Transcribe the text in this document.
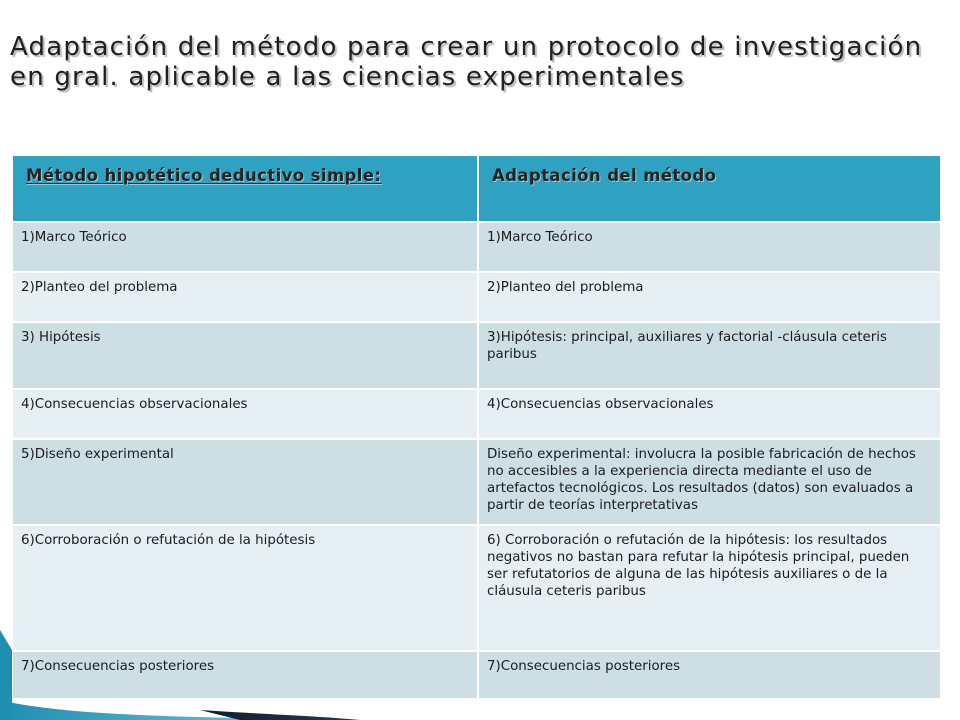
Adaptación del método para crear un protocolo de investigación en gral. aplicable a las ciencias experimentales
Método hipotético deductivo simple:	Adaptación del método
1)Marco Teórico	1)Marco Teórico
2)Planteo del problema	2)Planteo del problema
3) Hipótesis	3)Hipótesis: principal, auxiliares y factorial -cláusula ceteris paribus
4)Consecuencias observacionales	4)Consecuencias observacionales
5)Diseño experimental	Diseño experimental: involucra la posible fabricación de hechos no accesibles a la experiencia directa mediante el uso de artefactos tecnológicos. Los resultados (datos) son evaluados a partir de teorías interpretativas
6)Corroboración o refutación de la hipótesis	6) Corroboración o refutación de la hipótesis: los resultados negativos no bastan para refutar la hipótesis principal, pueden ser refutatorios de alguna de las hipótesis auxiliares o de la cláusula ceteris paribus
7)Consecuencias posteriores	7)Consecuencias posteriores
